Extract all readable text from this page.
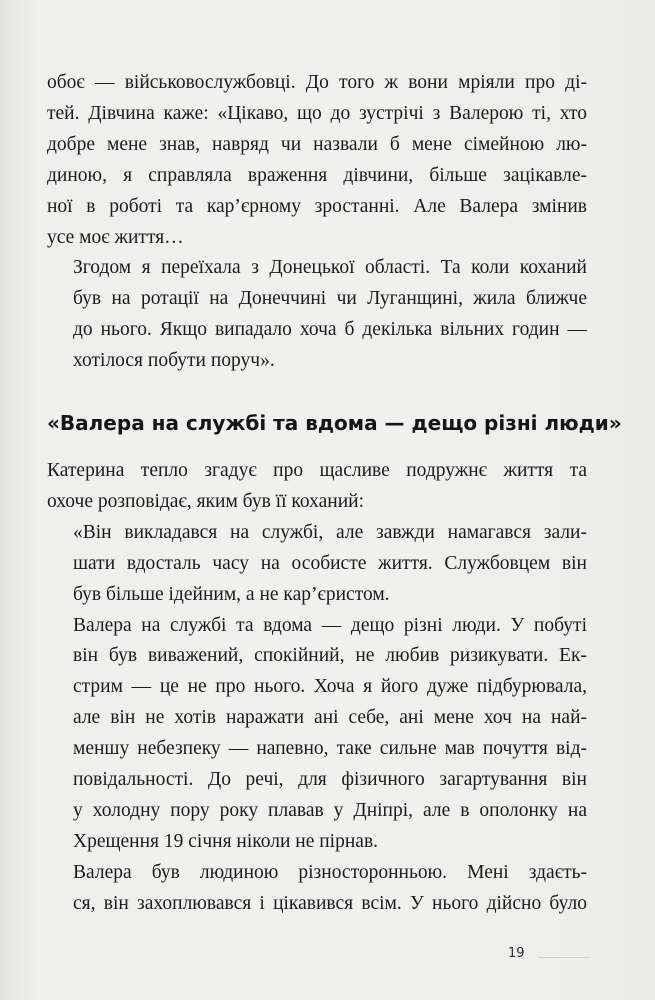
обоє — військовослужбовці. До того ж вони мріяли про ді-
тей. Дівчина каже: «Цікаво, що до зустрічі з Валерою ті, хто
добре мене знав, навряд чи назвали б мене сімейною лю-
диною, я справляла враження дівчини, більше зацікавле-
ної в роботі та кар’єрному зростанні. Але Валера змінив
усе моє життя…

Згодом я переїхала з Донецької області. Та коли коханий
був на ротації на Донеччині чи Луганщині, жила ближче
до нього. Якщо випадало хоча б декілька вільних годин —
хотілося побути поруч».

«Валера на службі та вдома — дещо різні люди»

Катерина тепло згадує про щасливе подружнє життя та
охоче розповідає, яким був її коханий:

«Він викладався на службі, але завжди намагався зали-
шати вдосталь часу на особисте життя. Службовцем він
був більше ідейним, а не кар’єристом.

Валера на службі та вдома — дещо різні люди. У побуті
він був виважений, спокійний, не любив ризикувати. Ек-
стрим — це не про нього. Хоча я його дуже підбурювала,
але він не хотів наражати ані себе, ані мене хоч на най-
меншу небезпеку — напевно, таке сильне мав почуття від-
повідальності. До речі, для фізичного загартування він
у холодну пору року плавав у Дніпрі, але в ополонку на
Хрещення 19 січня ніколи не пірнав.

Валера був людиною різносторонньою. Мені здаєть-
ся, він захоплювався і цікавився всім. У нього дійсно було

19
